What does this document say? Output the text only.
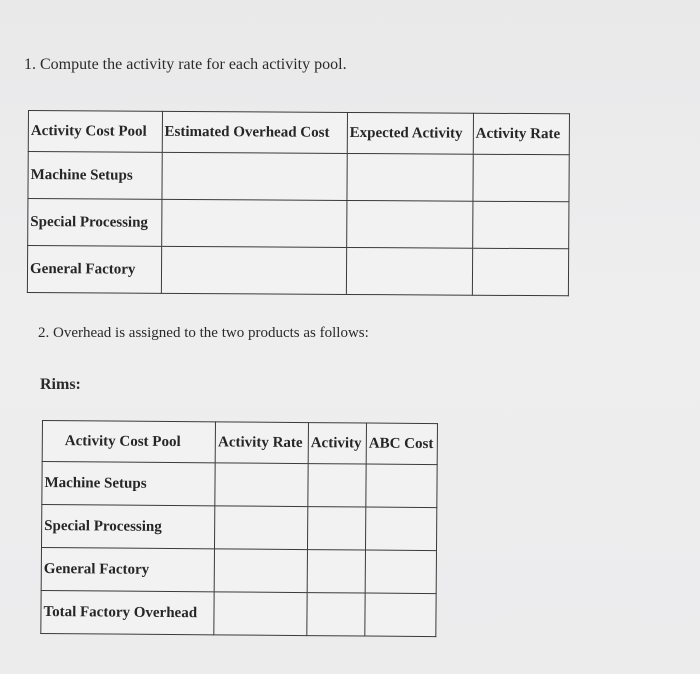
1. Compute the activity rate for each activity pool.
Activity Cost Pool	Estimated Overhead Cost	Expected Activity	Activity Rate
Machine Setups			
Special Processing			
General Factory			
2. Overhead is assigned to the two products as follows:
Rims:
Activity Cost Pool	Activity Rate	Activity	ABC Cost
Machine Setups			
Special Processing			
General Factory			
Total Factory Overhead			
